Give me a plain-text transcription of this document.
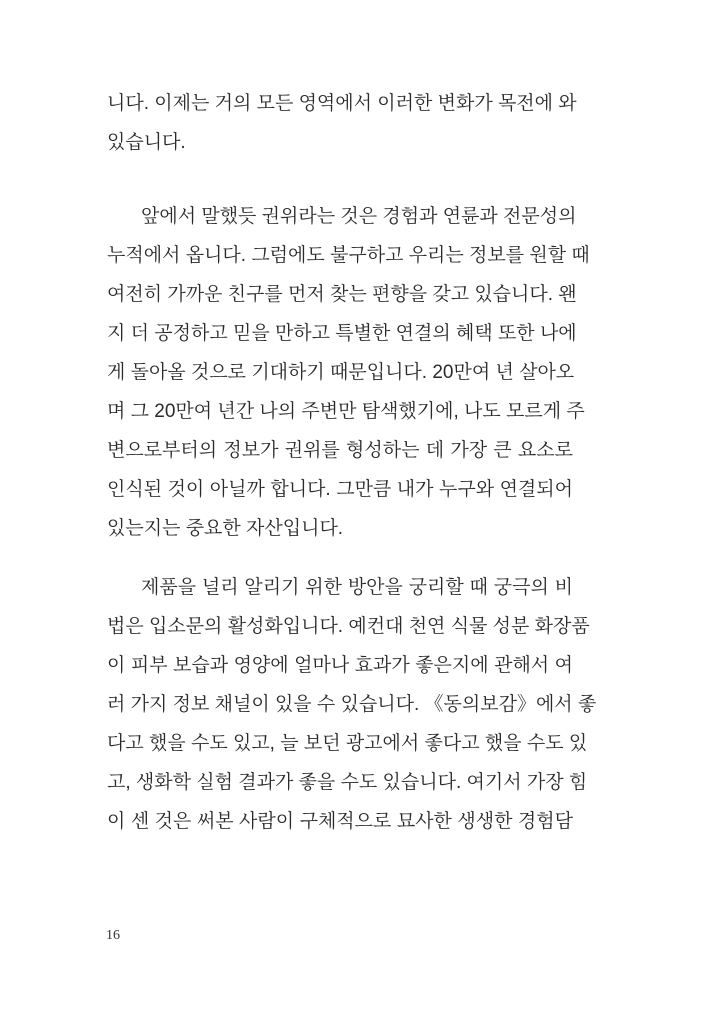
니다. 이제는 거의 모든 영역에서 이러한 변화가 목전에 와
있습니다.
앞에서 말했듯 권위라는 것은 경험과 연륜과 전문성의
누적에서 옵니다. 그럼에도 불구하고 우리는 정보를 원할 때
여전히 가까운 친구를 먼저 찾는 편향을 갖고 있습니다. 왠
지 더 공정하고 믿을 만하고 특별한 연결의 혜택 또한 나에
게 돌아올 것으로 기대하기 때문입니다. 20만여 년 살아오
며 그 20만여 년간 나의 주변만 탐색했기에, 나도 모르게 주
변으로부터의 정보가 권위를 형성하는 데 가장 큰 요소로
인식된 것이 아닐까 합니다. 그만큼 내가 누구와 연결되어
있는지는 중요한 자산입니다.
제품을 널리 알리기 위한 방안을 궁리할 때 궁극의 비
법은 입소문의 활성화입니다. 예컨대 천연 식물 성분 화장품
이 피부 보습과 영양에 얼마나 효과가 좋은지에 관해서 여
러 가지 정보 채널이 있을 수 있습니다. 《동의보감》에서 좋
다고 했을 수도 있고, 늘 보던 광고에서 좋다고 했을 수도 있
고, 생화학 실험 결과가 좋을 수도 있습니다. 여기서 가장 힘
이 센 것은 써본 사람이 구체적으로 묘사한 생생한 경험담
16
